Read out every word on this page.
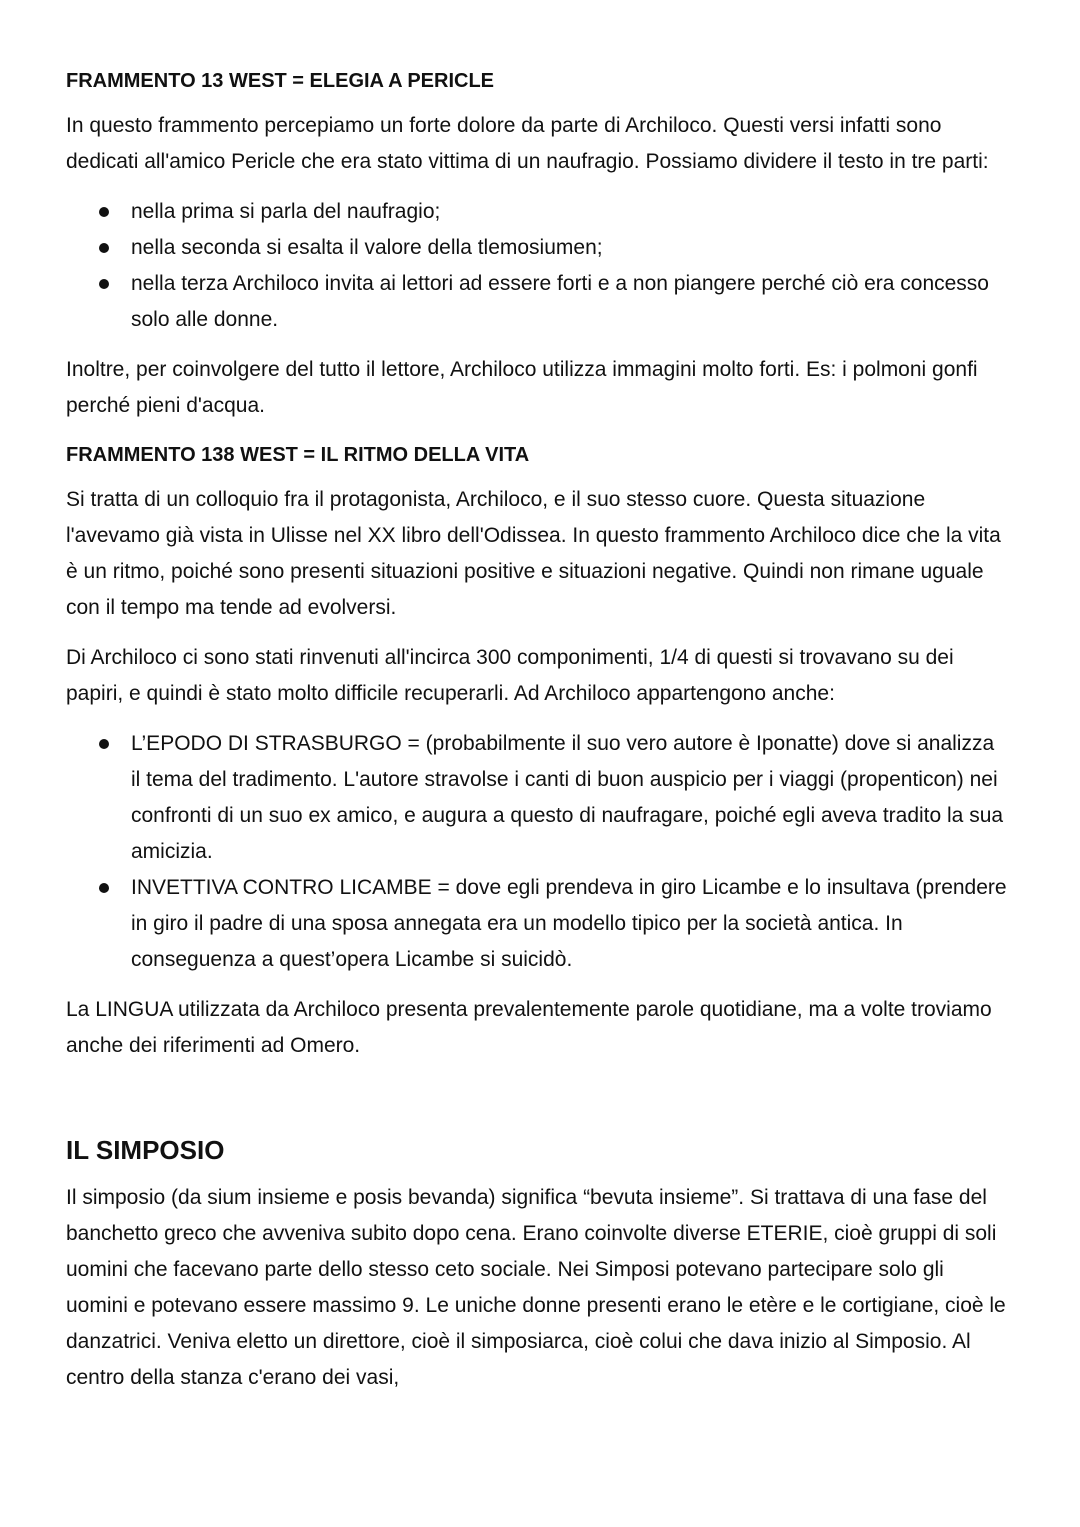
FRAMMENTO 13 WEST = ELEGIA A PERICLE

In questo frammento percepiamo un forte dolore da parte di Archiloco. Questi versi infatti sono dedicati all'amico Pericle che era stato vittima di un naufragio. Possiamo dividere il testo in tre parti:

nella prima si parla del naufragio;
nella seconda si esalta il valore della tlemosiumen;
nella terza Archiloco invita ai lettori ad essere forti e a non piangere perché ciò era concesso solo alle donne.

Inoltre, per coinvolgere del tutto il lettore, Archiloco utilizza immagini molto forti. Es: i polmoni gonfi perché pieni d'acqua.

FRAMMENTO 138 WEST = IL RITMO DELLA VITA

Si tratta di un colloquio fra il protagonista, Archiloco, e il suo stesso cuore. Questa situazione l'avevamo già vista in Ulisse nel XX libro dell'Odissea. In questo frammento Archiloco dice che la vita è un ritmo, poiché sono presenti situazioni positive e situazioni negative. Quindi non rimane uguale con il tempo ma tende ad evolversi.

Di Archiloco ci sono stati rinvenuti all'incirca 300 componimenti, 1/4 di questi si trovavano su dei papiri, e quindi è stato molto difficile recuperarli. Ad Archiloco appartengono anche:

L’EPODO DI STRASBURGO = (probabilmente il suo vero autore è Iponatte) dove si analizza il tema del tradimento. L'autore stravolse i canti di buon auspicio per i viaggi (propenticon) nei confronti di un suo ex amico, e augura a questo di naufragare, poiché egli aveva tradito la sua amicizia.
INVETTIVA CONTRO LICAMBE = dove egli prendeva in giro Licambe e lo insultava (prendere in giro il padre di una sposa annegata era un modello tipico per la società antica. In conseguenza a quest’opera Licambe si suicidò.

La LINGUA utilizzata da Archiloco presenta prevalentemente parole quotidiane, ma a volte troviamo anche dei riferimenti ad Omero.

IL SIMPOSIO

Il simposio (da sium insieme e posis bevanda) significa “bevuta insieme”. Si trattava di una fase del banchetto greco che avveniva subito dopo cena. Erano coinvolte diverse ETERIE, cioè gruppi di soli uomini che facevano parte dello stesso ceto sociale. Nei Simposi potevano partecipare solo gli uomini e potevano essere massimo 9. Le uniche donne presenti erano le etère e le cortigiane, cioè le danzatrici. Veniva eletto un direttore, cioè il simposiarca, cioè colui che dava inizio al Simposio. Al centro della stanza c'erano dei vasi,
